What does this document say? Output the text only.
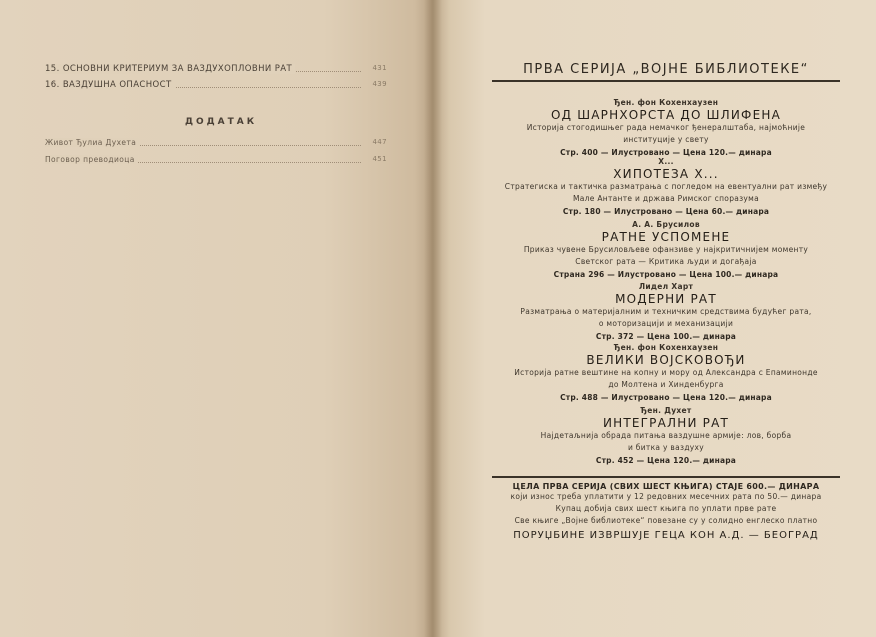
15. ОСНОВНИ КРИТЕРИУМ ЗА ВАЗДУХОПЛОВНИ РАТ	431
16. ВАЗДУШНА ОПАСНОСТ	439
ДОДАТАК
Живот Ђулиа Духета	447
Поговор преводиоца	451
ПРВА СЕРИЈА „ВОЈНЕ БИБЛИОТЕКЕ“
Ђен. фон Кохенхаузен
ОД ШАРНХОРСТА ДО ШЛИФЕНА
Историја стогодишњег рада немачког ђенералштаба, најмоћније
институције у свету
Стр. 400 — Илустровано — Цена 120.— динара
Х...
ХИПОТЕЗА Х...
Стратегиска и тактичка разматрања с погледом на евентуални рат између
Мале Антанте и држава Римског споразума
Стр. 180 — Илустровано — Цена 60.— динара
А. А. Брусилов
РАТНЕ УСПОМЕНЕ
Приказ чувене Брусиловљеве офанзиве у најкритичнијем моменту
Светског рата — Критика људи и догађаја
Страна 296 — Илустровано — Цена 100.— динара
Лидел Харт
МОДЕРНИ РАТ
Разматрања о материјалним и техничким средствима будућег рата,
о моторизацији и механизацији
Стр. 372 — Цена 100.— динара
Ђен. фон Кохенхаузен
ВЕЛИКИ ВОЈСКОВОЂИ
Историја ратне вештине на копну и мору од Александра с Епаминонде
до Молтена и Хинденбурга
Стр. 488 — Илустровано — Цена 120.— динара
Ђен. Духет
ИНТЕГРАЛНИ РАТ
Најдетаљнија обрада питања ваздушне армије: лов, борба
и битка у ваздуху
Стр. 452 — Цена 120.— динара
ЦЕЛА ПРВА СЕРИЈА (СВИХ ШЕСТ КЊИГА) СТАЈЕ 600.— ДИНАРА
који износ треба уплатити у 12 редовних месечних рата по 50.— динара
Купац добија свих шест књига по уплати прве рате
Све књиге „Војне библиотеке“ повезане су у солидно енглеско платно
ПОРУЏБИНЕ ИЗВРШУЈЕ ГЕЦА КОН А.Д. — БЕОГРАД
